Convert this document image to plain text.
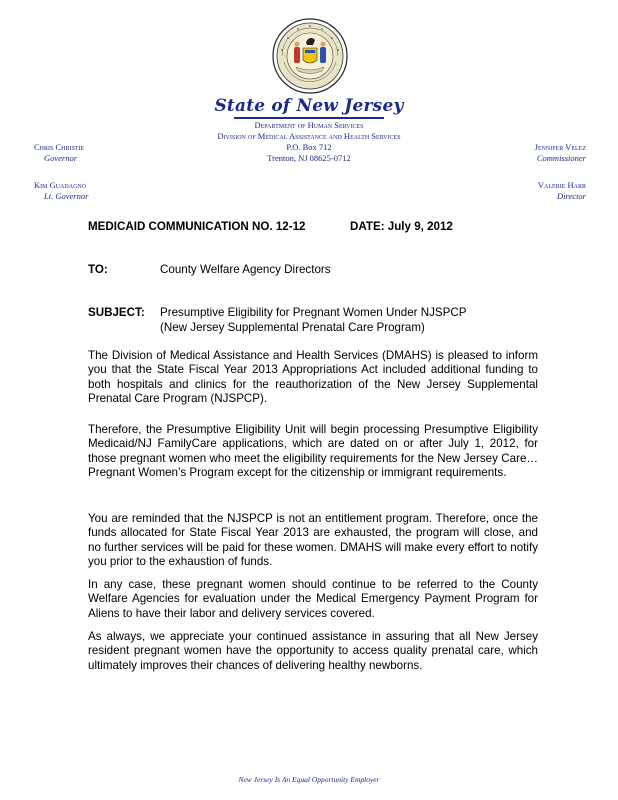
State of New Jersey
Department of Human Services
Division of Medical Assistance and Health Services
P.O. Box 712
Trenton, NJ 08625-0712
Chris Christie
Governor
Kim Guadagno
Lt. Governor
Jennifer Velez
Commissioner
Valerie Harr
Director
MEDICAID COMMUNICATION NO. 12-12	DATE: July 9, 2012
TO:	County Welfare Agency Directors
SUBJECT: Presumptive Eligibility for Pregnant Women Under NJSPCP
(New Jersey Supplemental Prenatal Care Program)

The Division of Medical Assistance and Health Services (DMAHS) is pleased to inform you that the State Fiscal Year 2013 Appropriations Act included additional funding to both hospitals and clinics for the reauthorization of the New Jersey Supplemental Prenatal Care Program (NJSPCP).

Therefore, the Presumptive Eligibility Unit will begin processing Presumptive Eligibility Medicaid/NJ FamilyCare applications, which are dated on or after July 1, 2012, for those pregnant women who meet the eligibility requirements for the New Jersey Care…Pregnant Women’s Program except for the citizenship or immigrant requirements.

You are reminded that the NJSPCP is not an entitlement program. Therefore, once the funds allocated for State Fiscal Year 2013 are exhausted, the program will close, and no further services will be paid for these women. DMAHS will make every effort to notify you prior to the exhaustion of funds.

In any case, these pregnant women should continue to be referred to the County Welfare Agencies for evaluation under the Medical Emergency Payment Program for Aliens to have their labor and delivery services covered.

As always, we appreciate your continued assistance in assuring that all New Jersey resident pregnant women have the opportunity to access quality prenatal care, which ultimately improves their chances of delivering healthy newborns.

New Jersey Is An Equal Opportunity Employer
